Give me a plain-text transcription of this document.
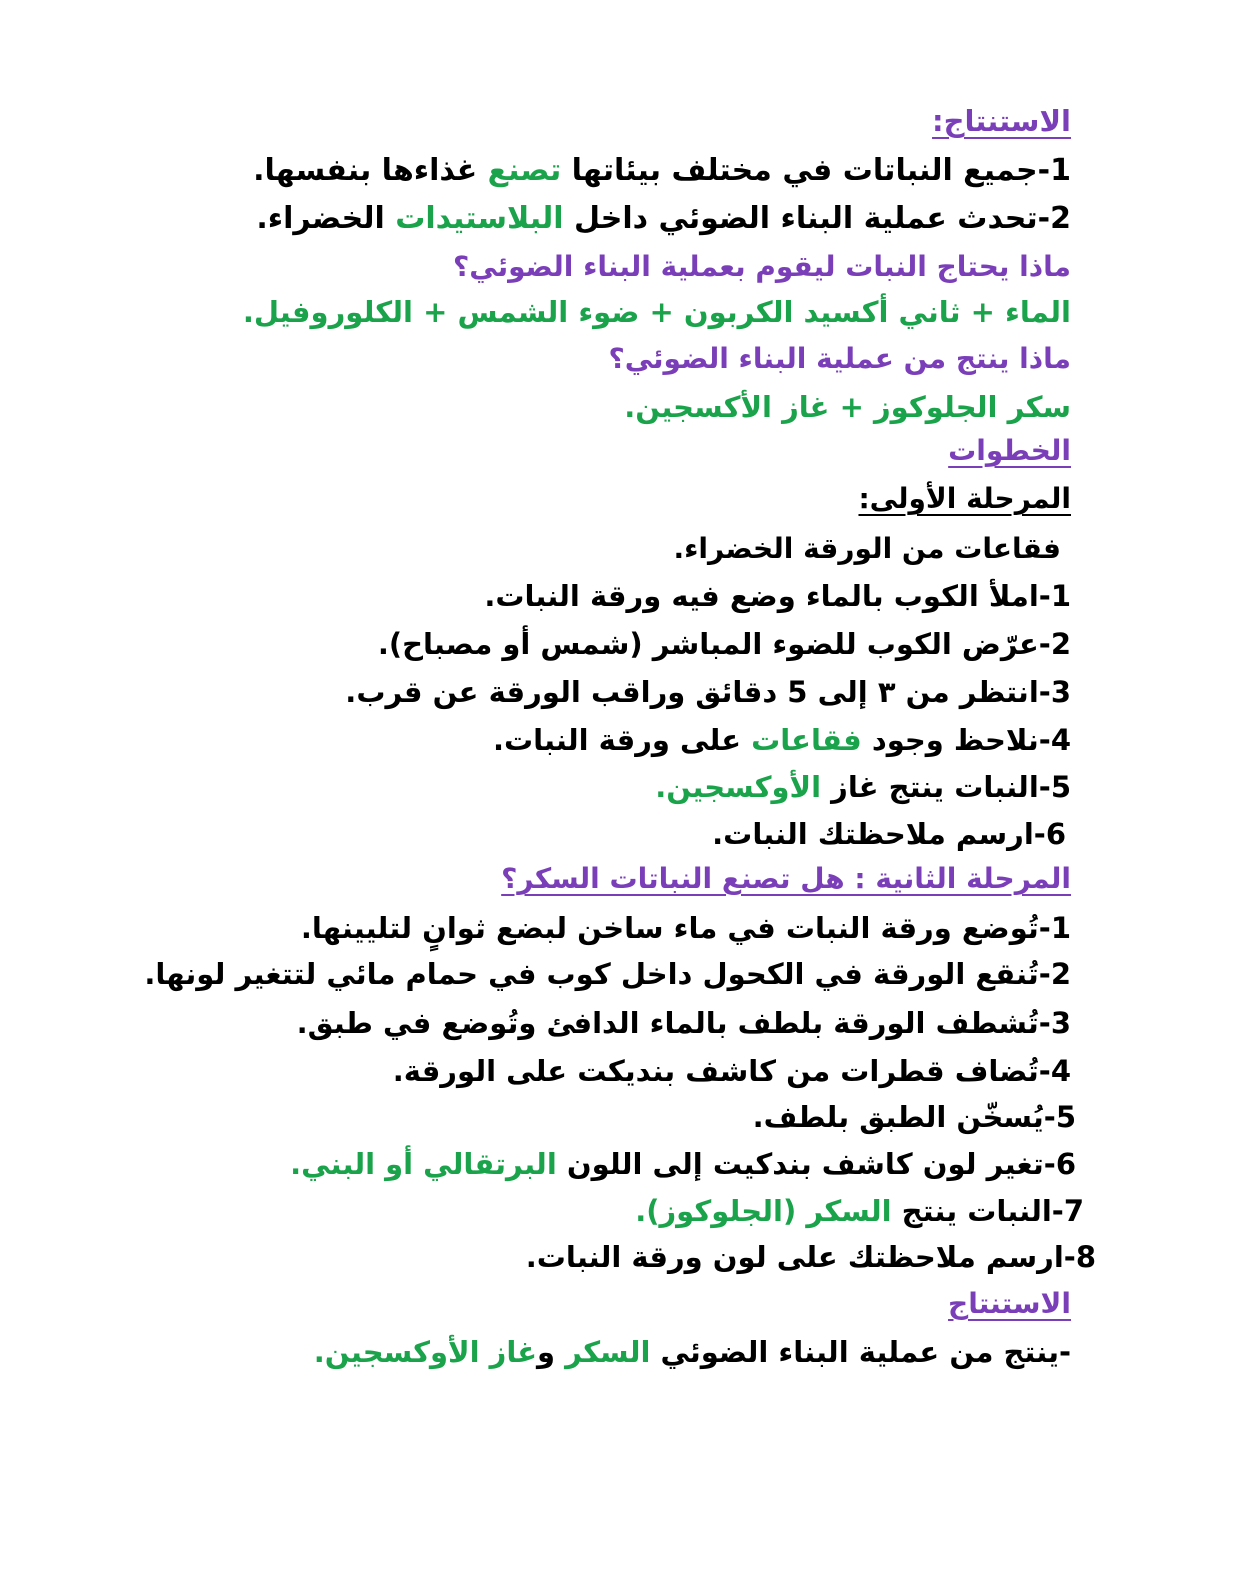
الاستنتاج:
1-جميع النباتات في مختلف بيئاتها تصنع غذاءها بنفسها.
2-تحدث عملية البناء الضوئي داخل البلاستيدات الخضراء.
ماذا يحتاج النبات ليقوم بعملية البناء الضوئي؟
الماء + ثاني أكسيد الكربون + ضوء الشمس + الكلوروفيل.
ماذا ينتج من عملية البناء الضوئي؟
سكر الجلوكوز + غاز الأكسجين.
الخطوات
المرحلة الأولى:
فقاعات من الورقة الخضراء.
1-املأ الكوب بالماء وضع فيه ورقة النبات.
2-عرّض الكوب للضوء المباشر (شمس أو مصباح).
3-انتظر من ٣ إلى 5 دقائق وراقب الورقة عن قرب.
4-نلاحظ وجود فقاعات على ورقة النبات.
5-النبات ينتج غاز الأوكسجين.
6-ارسم ملاحظتك النبات.
المرحلة الثانية : هل تصنع النباتات السكر؟
1-تُوضع ورقة النبات في ماء ساخن لبضع ثوانٍ لتليينها.
2-تُنقع الورقة في الكحول داخل كوب في حمام مائي لتتغير لونها.
3-تُشطف الورقة بلطف بالماء الدافئ وتُوضع في طبق.
4-تُضاف قطرات من كاشف بنديكت على الورقة.
5-يُسخّن الطبق بلطف.
6-تغير لون كاشف بندكيت إلى اللون البرتقالي أو البني.
7-النبات ينتج السكر (الجلوكوز).
8-ارسم ملاحظتك على لون ورقة النبات.
الاستنتاج
-ينتج من عملية البناء الضوئي السكر وغاز الأوكسجين.
